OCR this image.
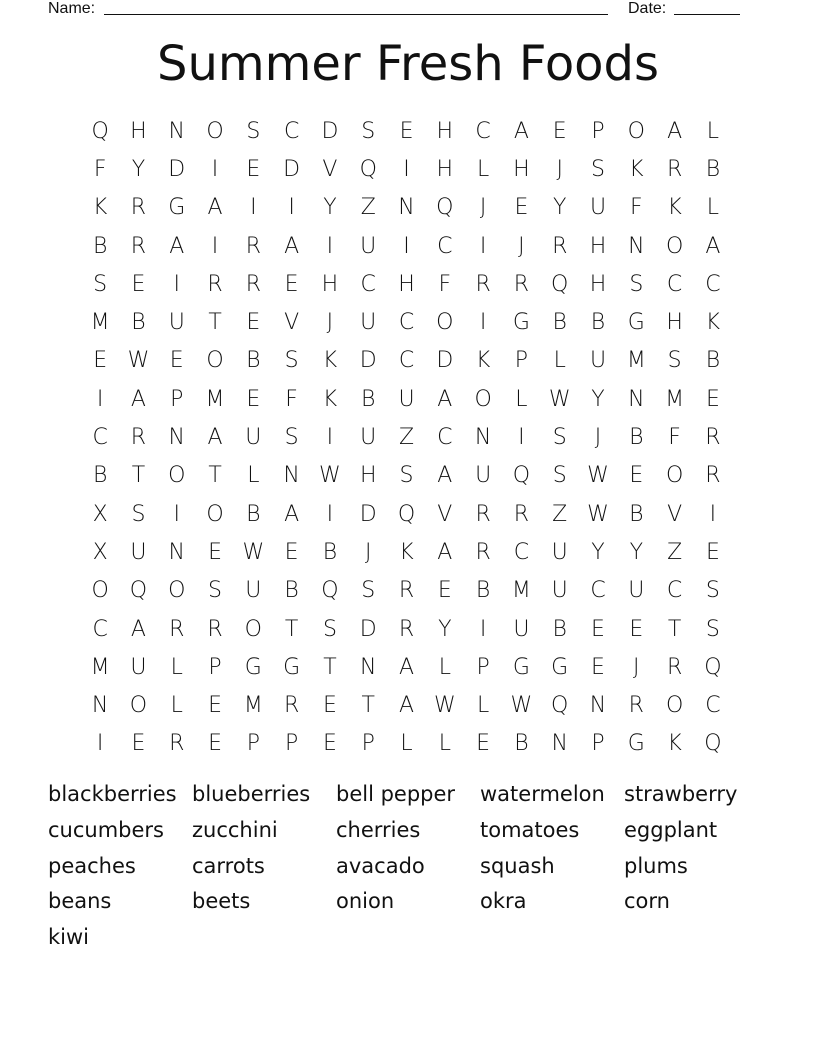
Name:	Date:
Summer Fresh Foods
Q H N O	S	C	D	S	E	H	C	A	E	P	O	A	L
F	Y	D	I	E	D	V	Q	I	H	L	H	J	S	K	R	B
K	R	G	A	I	I	Y	Z	N Q	J	E	Y	U	F	K	L
B	R	A	I	R	A	I	U	I	C	I	J	R	H N O	A
S	E	I	R	R	E	H	C	H	F	R	R Q H	S	C	C
M B	U	T	E	V	J	U	C O	I	G	B	B	G H	K
E W E	O	B	S	K	D	C	D	K	P	L	U M S	B
I	A	P	M E	F	K	B	U	A	O	L W Y	N M E
C	R	N	A	U	S	I	U	Z	C	N	I	S	J	B	F	R
B	T	O	T	L	N W H	S	A	U Q	S W E	O R
X	S	I	O	B	A	I	D Q	V	R	R	Z W B	V	I
X	U	N	E W E	B	J	K	A	R	C	U	Y	Y	Z	E
O Q O	S	U	B	Q	S	R	E	B M U	C	U	C	S
C	A	R	R O	T	S	D	R	Y	I	U	B	E	E	T	S
M U	L	P	G G	T	N	A	L	P	G G	E	J	R Q
N O	L	E M R	E	T	A W L W Q N	R O C
I	E	R	E	P	P	E	P	L	L	E	B	N	P	G	K	Q
blackberries blueberries	bell pepper	watermelon strawberry
cucumbers	zucchini	cherries	tomatoes	eggplant
peaches	carrots	avacado	squash	plums
beans	beets	onion	okra	corn
kiwi
